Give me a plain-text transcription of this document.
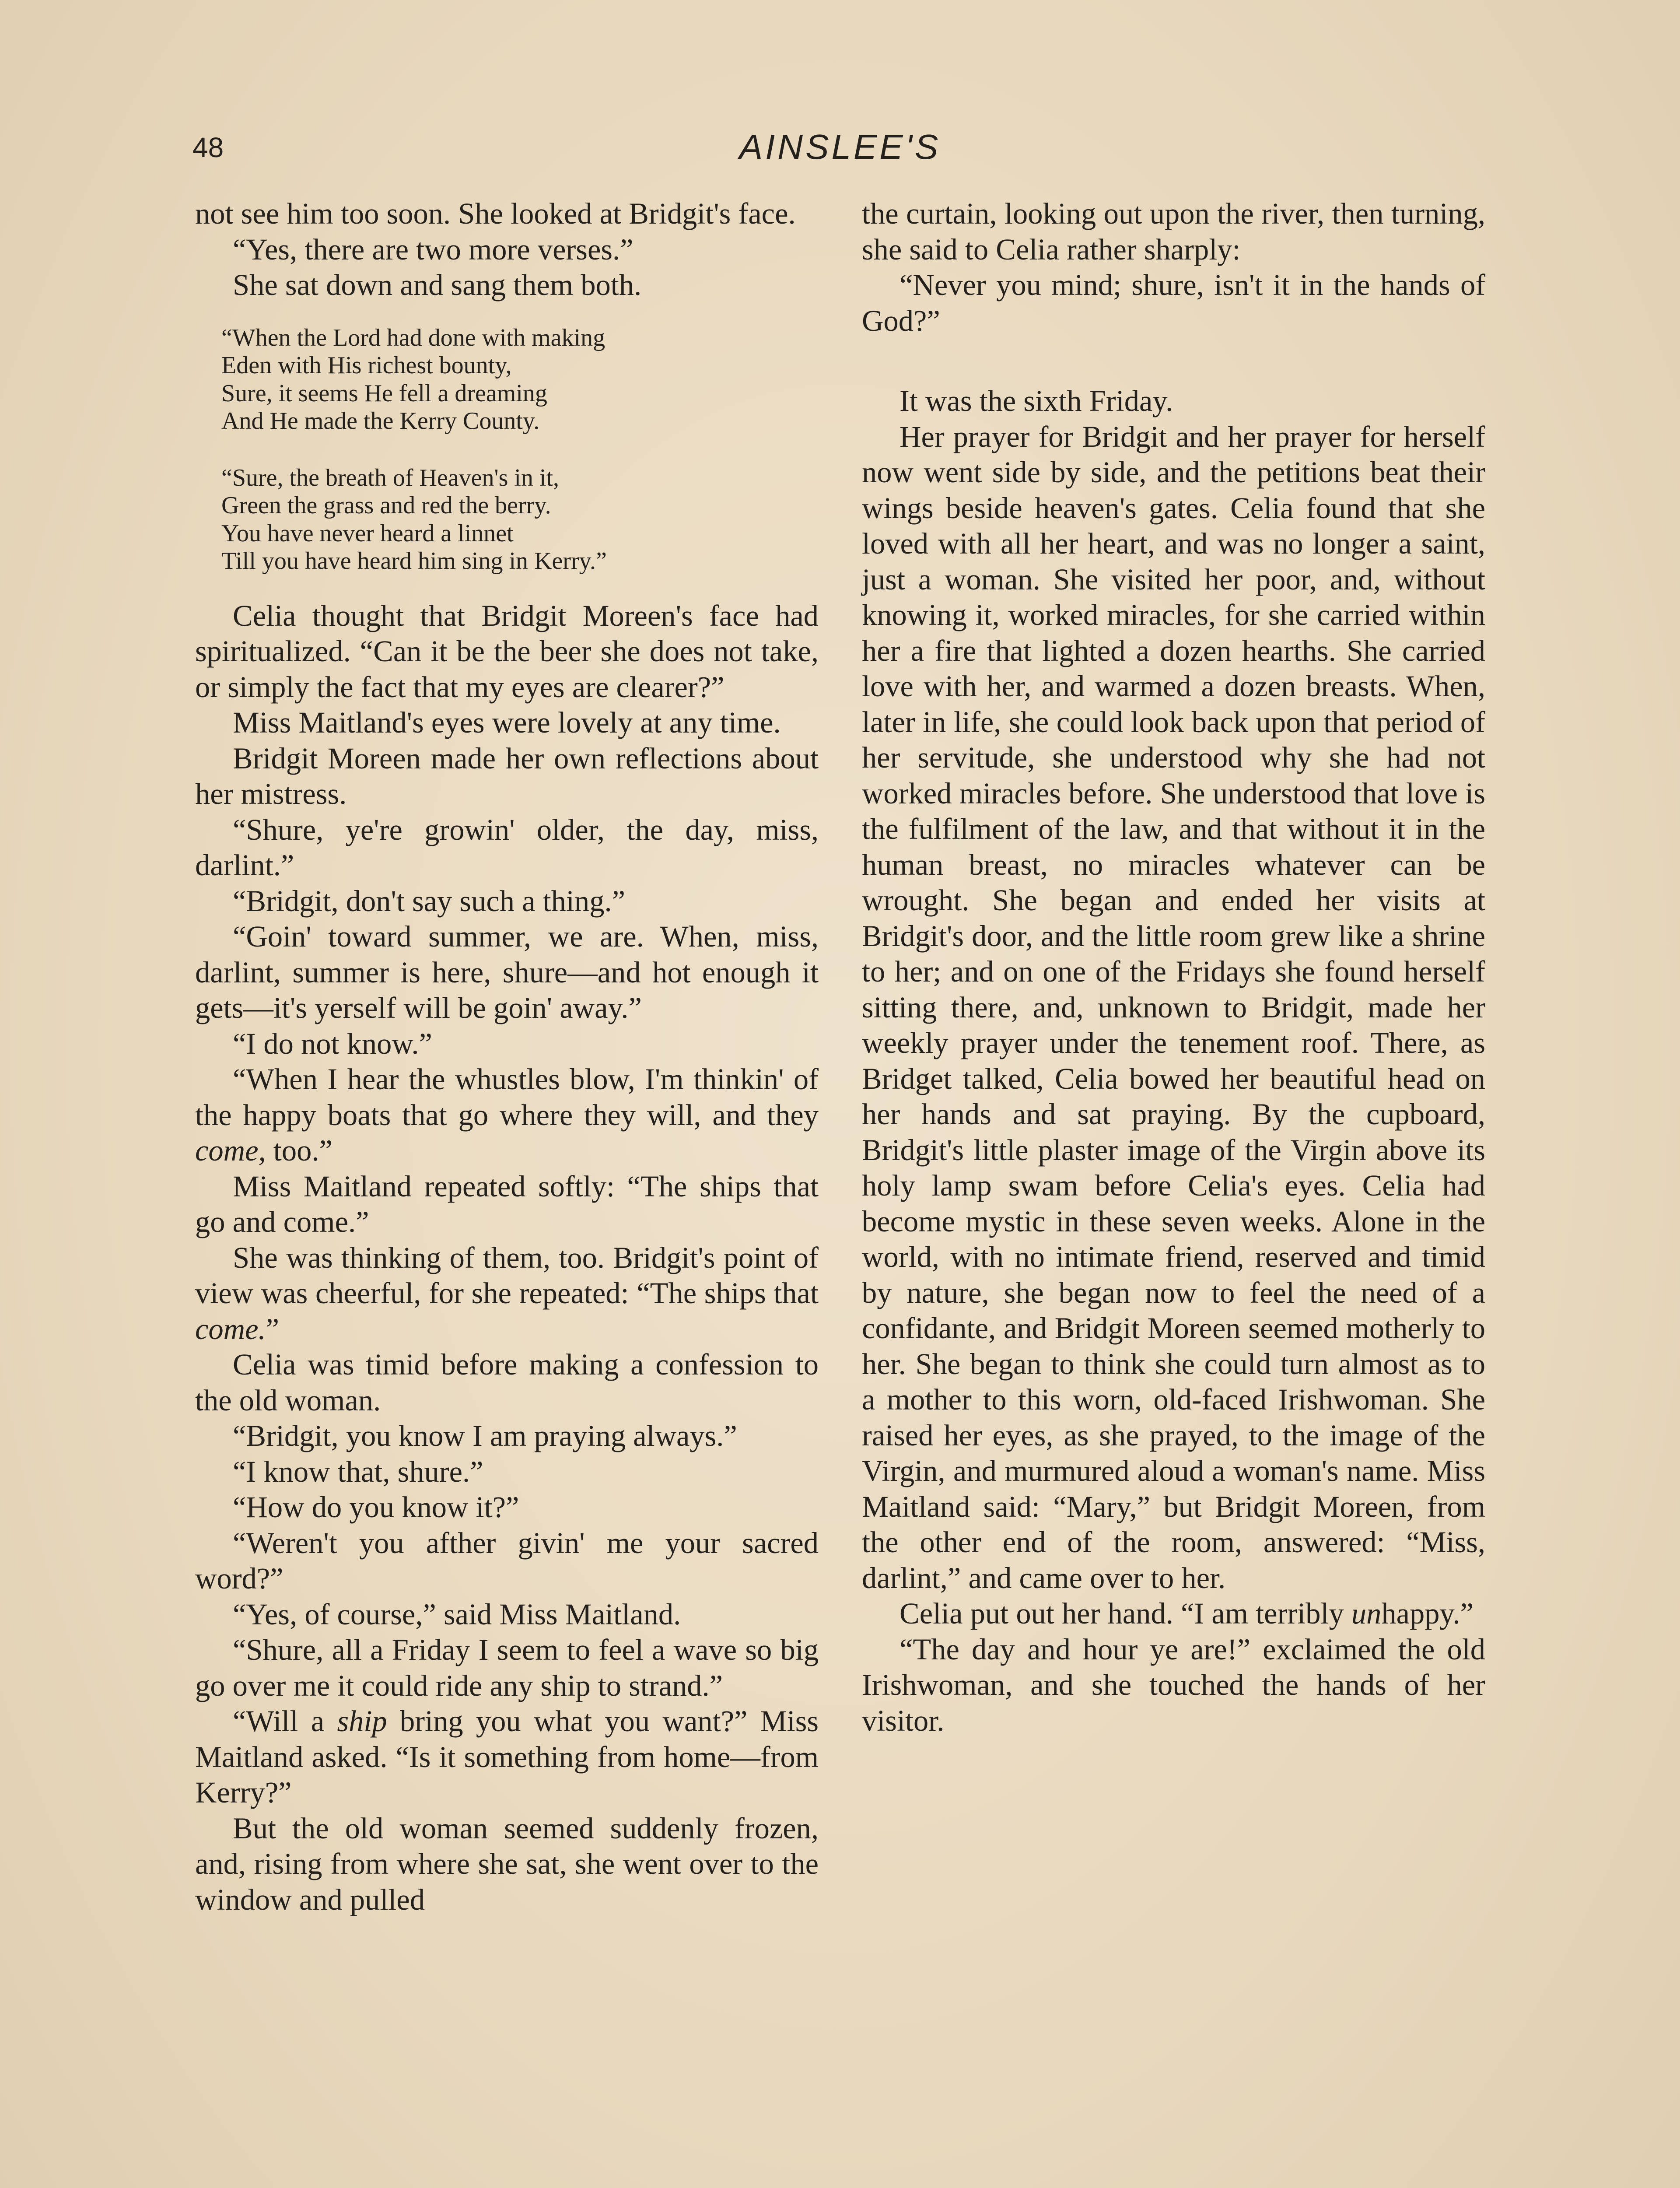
48	AINSLEE'S

not see him too soon. She looked at Bridgit's face.

“Yes, there are two more verses.”

She sat down and sang them both.

“When the Lord had done with making
Eden with His richest bounty,
Sure, it seems He fell a dreaming
And He made the Kerry County.
“Sure, the breath of Heaven's in it,
Green the grass and red the berry.
You have never heard a linnet
Till you have heard him sing in Kerry.”

Celia thought that Bridgit Moreen's face had spiritualized. “Can it be the beer she does not take, or simply the fact that my eyes are clearer?”

Miss Maitland's eyes were lovely at any time.

Bridgit Moreen made her own reflections about her mistress.

“Shure, ye're growin' older, the day, miss, darlint.”

“Bridgit, don't say such a thing.”

“Goin' toward summer, we are. When, miss, darlint, summer is here, shure—and hot enough it gets—it's yerself will be goin' away.”

“I do not know.”

“When I hear the whustles blow, I'm thinkin' of the happy boats that go where they will, and they come, too.”

Miss Maitland repeated softly: “The ships that go and come.”

She was thinking of them, too. Bridgit's point of view was cheerful, for she repeated: “The ships that come.”

Celia was timid before making a confession to the old woman.

“Bridgit, you know I am praying always.”

“I know that, shure.”

“How do you know it?”

“Weren't you afther givin' me your sacred word?”

“Yes, of course,” said Miss Maitland.

“Shure, all a Friday I seem to feel a wave so big go over me it could ride any ship to strand.”

“Will a ship bring you what you want?” Miss Maitland asked. “Is it something from home—from Kerry?”

But the old woman seemed suddenly frozen, and, rising from where she sat, she went over to the window and pulled

the curtain, looking out upon the river, then turning, she said to Celia rather sharply:

“Never you mind; shure, isn't it in the hands of God?”

It was the sixth Friday.

Her prayer for Bridgit and her prayer for herself now went side by side, and the petitions beat their wings beside heaven's gates. Celia found that she loved with all her heart, and was no longer a saint, just a woman. She visited her poor, and, without knowing it, worked miracles, for she carried within her a fire that lighted a dozen hearths. She carried love with her, and warmed a dozen breasts. When, later in life, she could look back upon that period of her servitude, she understood why she had not worked miracles before. She understood that love is the fulfilment of the law, and that without it in the human breast, no miracles whatever can be wrought. She began and ended her visits at Bridgit's door, and the little room grew like a shrine to her; and on one of the Fridays she found herself sitting there, and, unknown to Bridgit, made her weekly prayer under the tenement roof. There, as Bridget talked, Celia bowed her beautiful head on her hands and sat praying. By the cupboard, Bridgit's little plaster image of the Virgin above its holy lamp swam before Celia's eyes. Celia had become mystic in these seven weeks. Alone in the world, with no intimate friend, reserved and timid by nature, she began now to feel the need of a confidante, and Bridgit Moreen seemed motherly to her. She began to think she could turn almost as to a mother to this worn, old-faced Irishwoman. She raised her eyes, as she prayed, to the image of the Virgin, and murmured aloud a woman's name. Miss Maitland said: “Mary,” but Bridgit Moreen, from the other end of the room, answered: “Miss, darlint,” and came over to her.

Celia put out her hand. “I am terribly unhappy.”

“The day and hour ye are!” exclaimed the old Irishwoman, and she touched the hands of her visitor.
